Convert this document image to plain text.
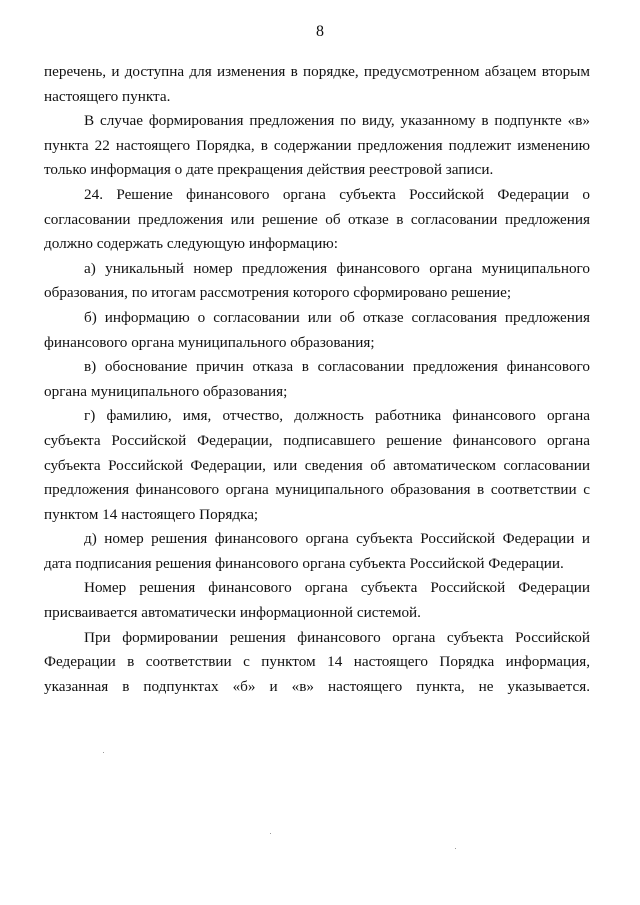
8

перечень, и доступна для изменения в порядке, предусмотренном абзацем вторым настоящего пункта.

В случае формирования предложения по виду, указанному в подпункте «в» пункта 22 настоящего Порядка, в содержании предложения подлежит изменению только информация о дате прекращения действия реестровой записи.

24. Решение финансового органа субъекта Российской Федерации о согласовании предложения или решение об отказе в согласовании предложения должно содержать следующую информацию:

а) уникальный номер предложения финансового органа муниципального образования, по итогам рассмотрения которого сформировано решение;

б) информацию о согласовании или об отказе согласования предложения финансового органа муниципального образования;

в) обоснование причин отказа в согласовании предложения финансового органа муниципального образования;

г) фамилию, имя, отчество, должность работника финансового органа субъекта Российской Федерации, подписавшего решение финансового органа субъекта Российской Федерации, или сведения об автоматическом согласовании предложения финансового органа муниципального образования в соответствии с пунктом 14 настоящего Порядка;

д) номер решения финансового органа субъекта Российской Федерации и дата подписания решения финансового органа субъекта Российской Федерации.

Номер решения финансового органа субъекта Российской Федерации присваивается автоматически информационной системой.

При формировании решения финансового органа субъекта Российской Федерации в соответствии с пунктом 14 настоящего Порядка информация, указанная в подпунктах «б» и «в» настоящего пункта, не указывается.
